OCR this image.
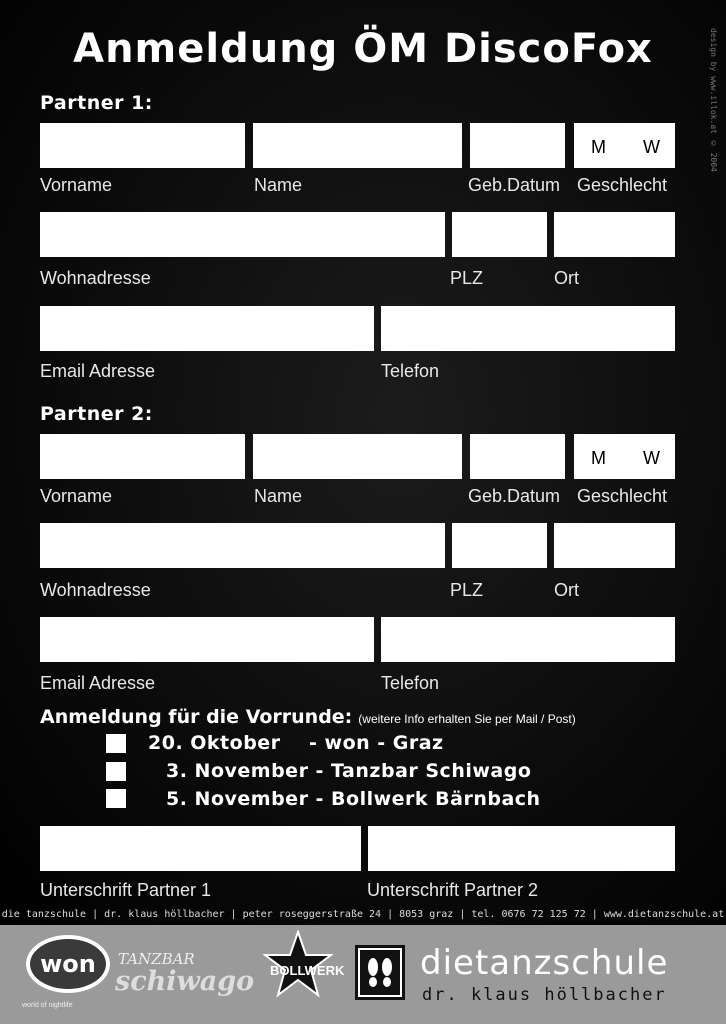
design by www.illok.at © 2004
Anmeldung ÖM DiscoFox
Partner 1:
M W
Vorname	Name	Geb.Datum Geschlecht
Wohnadresse	PLZ	Ort
Email Adresse	Telefon
Partner 2:
M W
Vorname	Name	Geb.Datum Geschlecht
Wohnadresse	PLZ	Ort
Email Adresse	Telefon
Anmeldung für die Vorrunde: (weitere Info erhalten Sie per Mail / Post)
20. Oktober    - won - Graz
3. November - Tanzbar Schiwago
5. November - Bollwerk Bärnbach
Unterschrift Partner 1	Unterschrift Partner 2
die tanzschule | dr. klaus höllbacher | peter roseggerstraße 24 | 8053 graz | tel. 0676 72 125 72 | www.dietanzschule.at
won
world of nightlife
TANZBAR
schiwago BOLLWERK dietanzschule
dr. klaus höllbacher
